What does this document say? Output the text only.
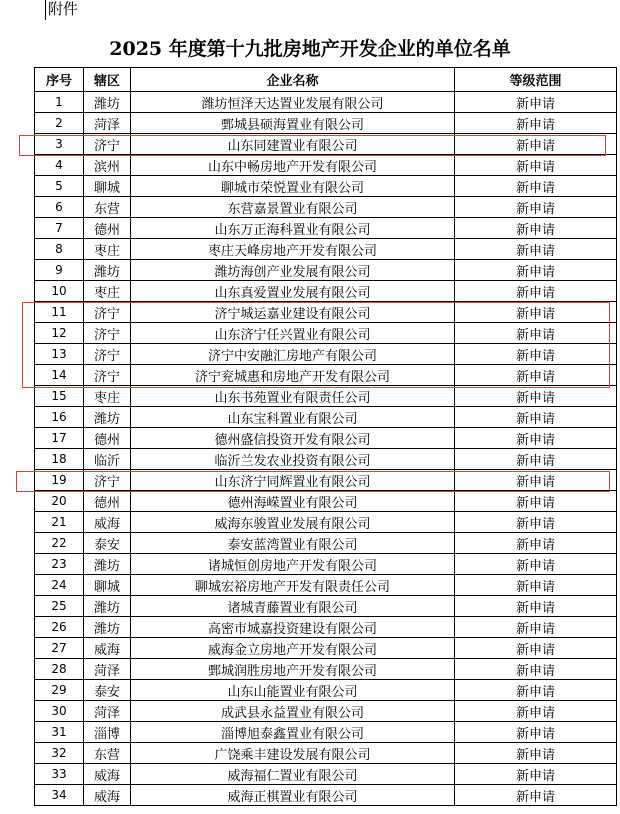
附件
2025 年度第十九批房地产开发企业的单位名单
序号	辖区	企业名称	等级范围
1	潍坊	潍坊恒泽天达置业发展有限公司	新申请
2	菏泽	鄄城县硕海置业有限公司	新申请
3	济宁	山东同建置业有限公司	新申请
4	滨州	山东中畅房地产开发有限公司	新申请
5	聊城	聊城市荣悦置业有限公司	新申请
6	东营	东营嘉景置业有限公司	新申请
7	德州	山东万正海科置业有限公司	新申请
8	枣庄	枣庄天峰房地产开发有限公司	新申请
9	潍坊	潍坊海创产业发展有限公司	新申请
10	枣庄	山东真爱置业发展有限公司	新申请
11	济宁	济宁城运嘉业建设有限公司	新申请
12	济宁	山东济宁任兴置业有限公司	新申请
13	济宁	济宁中安融汇房地产有限公司	新申请
14	济宁	济宁兖城惠和房地产开发有限公司	新申请
15	枣庄	山东书苑置业有限责任公司	新申请
16	潍坊	山东宝科置业有限公司	新申请
17	德州	德州盛信投资开发有限公司	新申请
18	临沂	临沂兰发农业投资有限公司	新申请
19	济宁	山东济宁同辉置业有限公司	新申请
20	德州	德州海嵘置业有限公司	新申请
21	威海	威海东骏置业发展有限公司	新申请
22	泰安	泰安蓝湾置业有限公司	新申请
23	潍坊	诸城恒创房地产开发有限公司	新申请
24	聊城	聊城宏裕房地产开发有限责任公司	新申请
25	潍坊	诸城青藤置业有限公司	新申请
26	潍坊	高密市城嘉投资建设有限公司	新申请
27	威海	威海金立房地产开发有限公司	新申请
28	菏泽	鄄城润胜房地产开发有限公司	新申请
29	泰安	山东山能置业有限公司	新申请
30	菏泽	成武县永益置业有限公司	新申请
31	淄博	淄博旭泰鑫置业有限公司	新申请
32	东营	广饶乘丰建设发展有限公司	新申请
33	威海	威海福仁置业有限公司	新申请
34	威海	威海正棋置业有限公司	新申请
